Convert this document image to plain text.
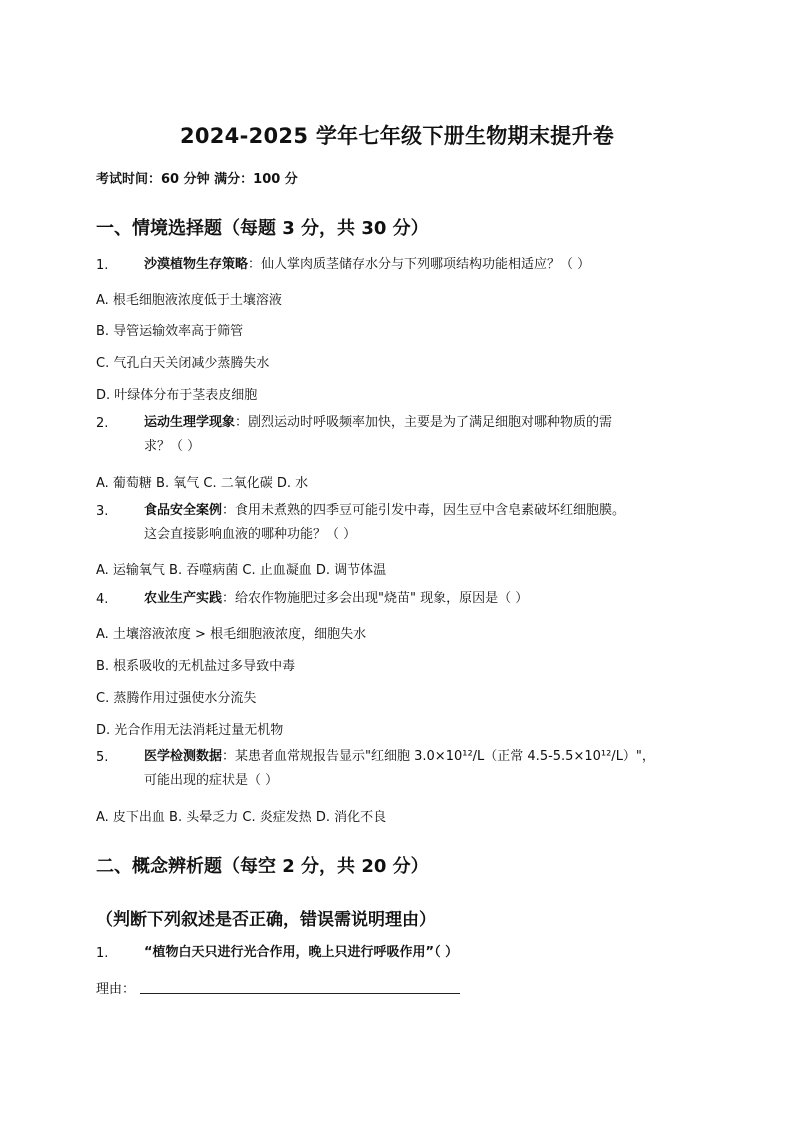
2024-2025 学年七年级下册生物期末提升卷
考试时间：60 分钟 满分：100 分
一、情境选择题（每题 3 分，共 30 分）
1.	沙漠植物生存策略：仙人掌肉质茎储存水分与下列哪项结构功能相适应？（ ）
A. 根毛细胞液浓度低于土壤溶液
B. 导管运输效率高于筛管
C. 气孔白天关闭减少蒸腾失水
D. 叶绿体分布于茎表皮细胞
2.	运动生理学现象：剧烈运动时呼吸频率加快，主要是为了满足细胞对哪种物质的需
求？（ ）
A. 葡萄糖 B. 氧气 C. 二氧化碳 D. 水
3.	食品安全案例：食用未煮熟的四季豆可能引发中毒，因生豆中含皂素破坏红细胞膜。
这会直接影响血液的哪种功能？（ ）
A. 运输氧气 B. 吞噬病菌 C. 止血凝血 D. 调节体温
4.	农业生产实践：给农作物施肥过多会出现"烧苗" 现象，原因是（ ）
A. 土壤溶液浓度 > 根毛细胞液浓度，细胞失水
B. 根系吸收的无机盐过多导致中毒
C. 蒸腾作用过强使水分流失
D. 光合作用无法消耗过量无机物
5.	医学检测数据：某患者血常规报告显示"红细胞 3.0×10¹²/L（正常 4.5-5.5×10¹²/L）"，
可能出现的症状是（ ）
A. 皮下出血 B. 头晕乏力 C. 炎症发热 D. 消化不良
二、概念辨析题（每空 2 分，共 20 分）
（判断下列叙述是否正确，错误需说明理由）
1.	“植物白天只进行光合作用，晚上只进行呼吸作用”（ ）
理由：
